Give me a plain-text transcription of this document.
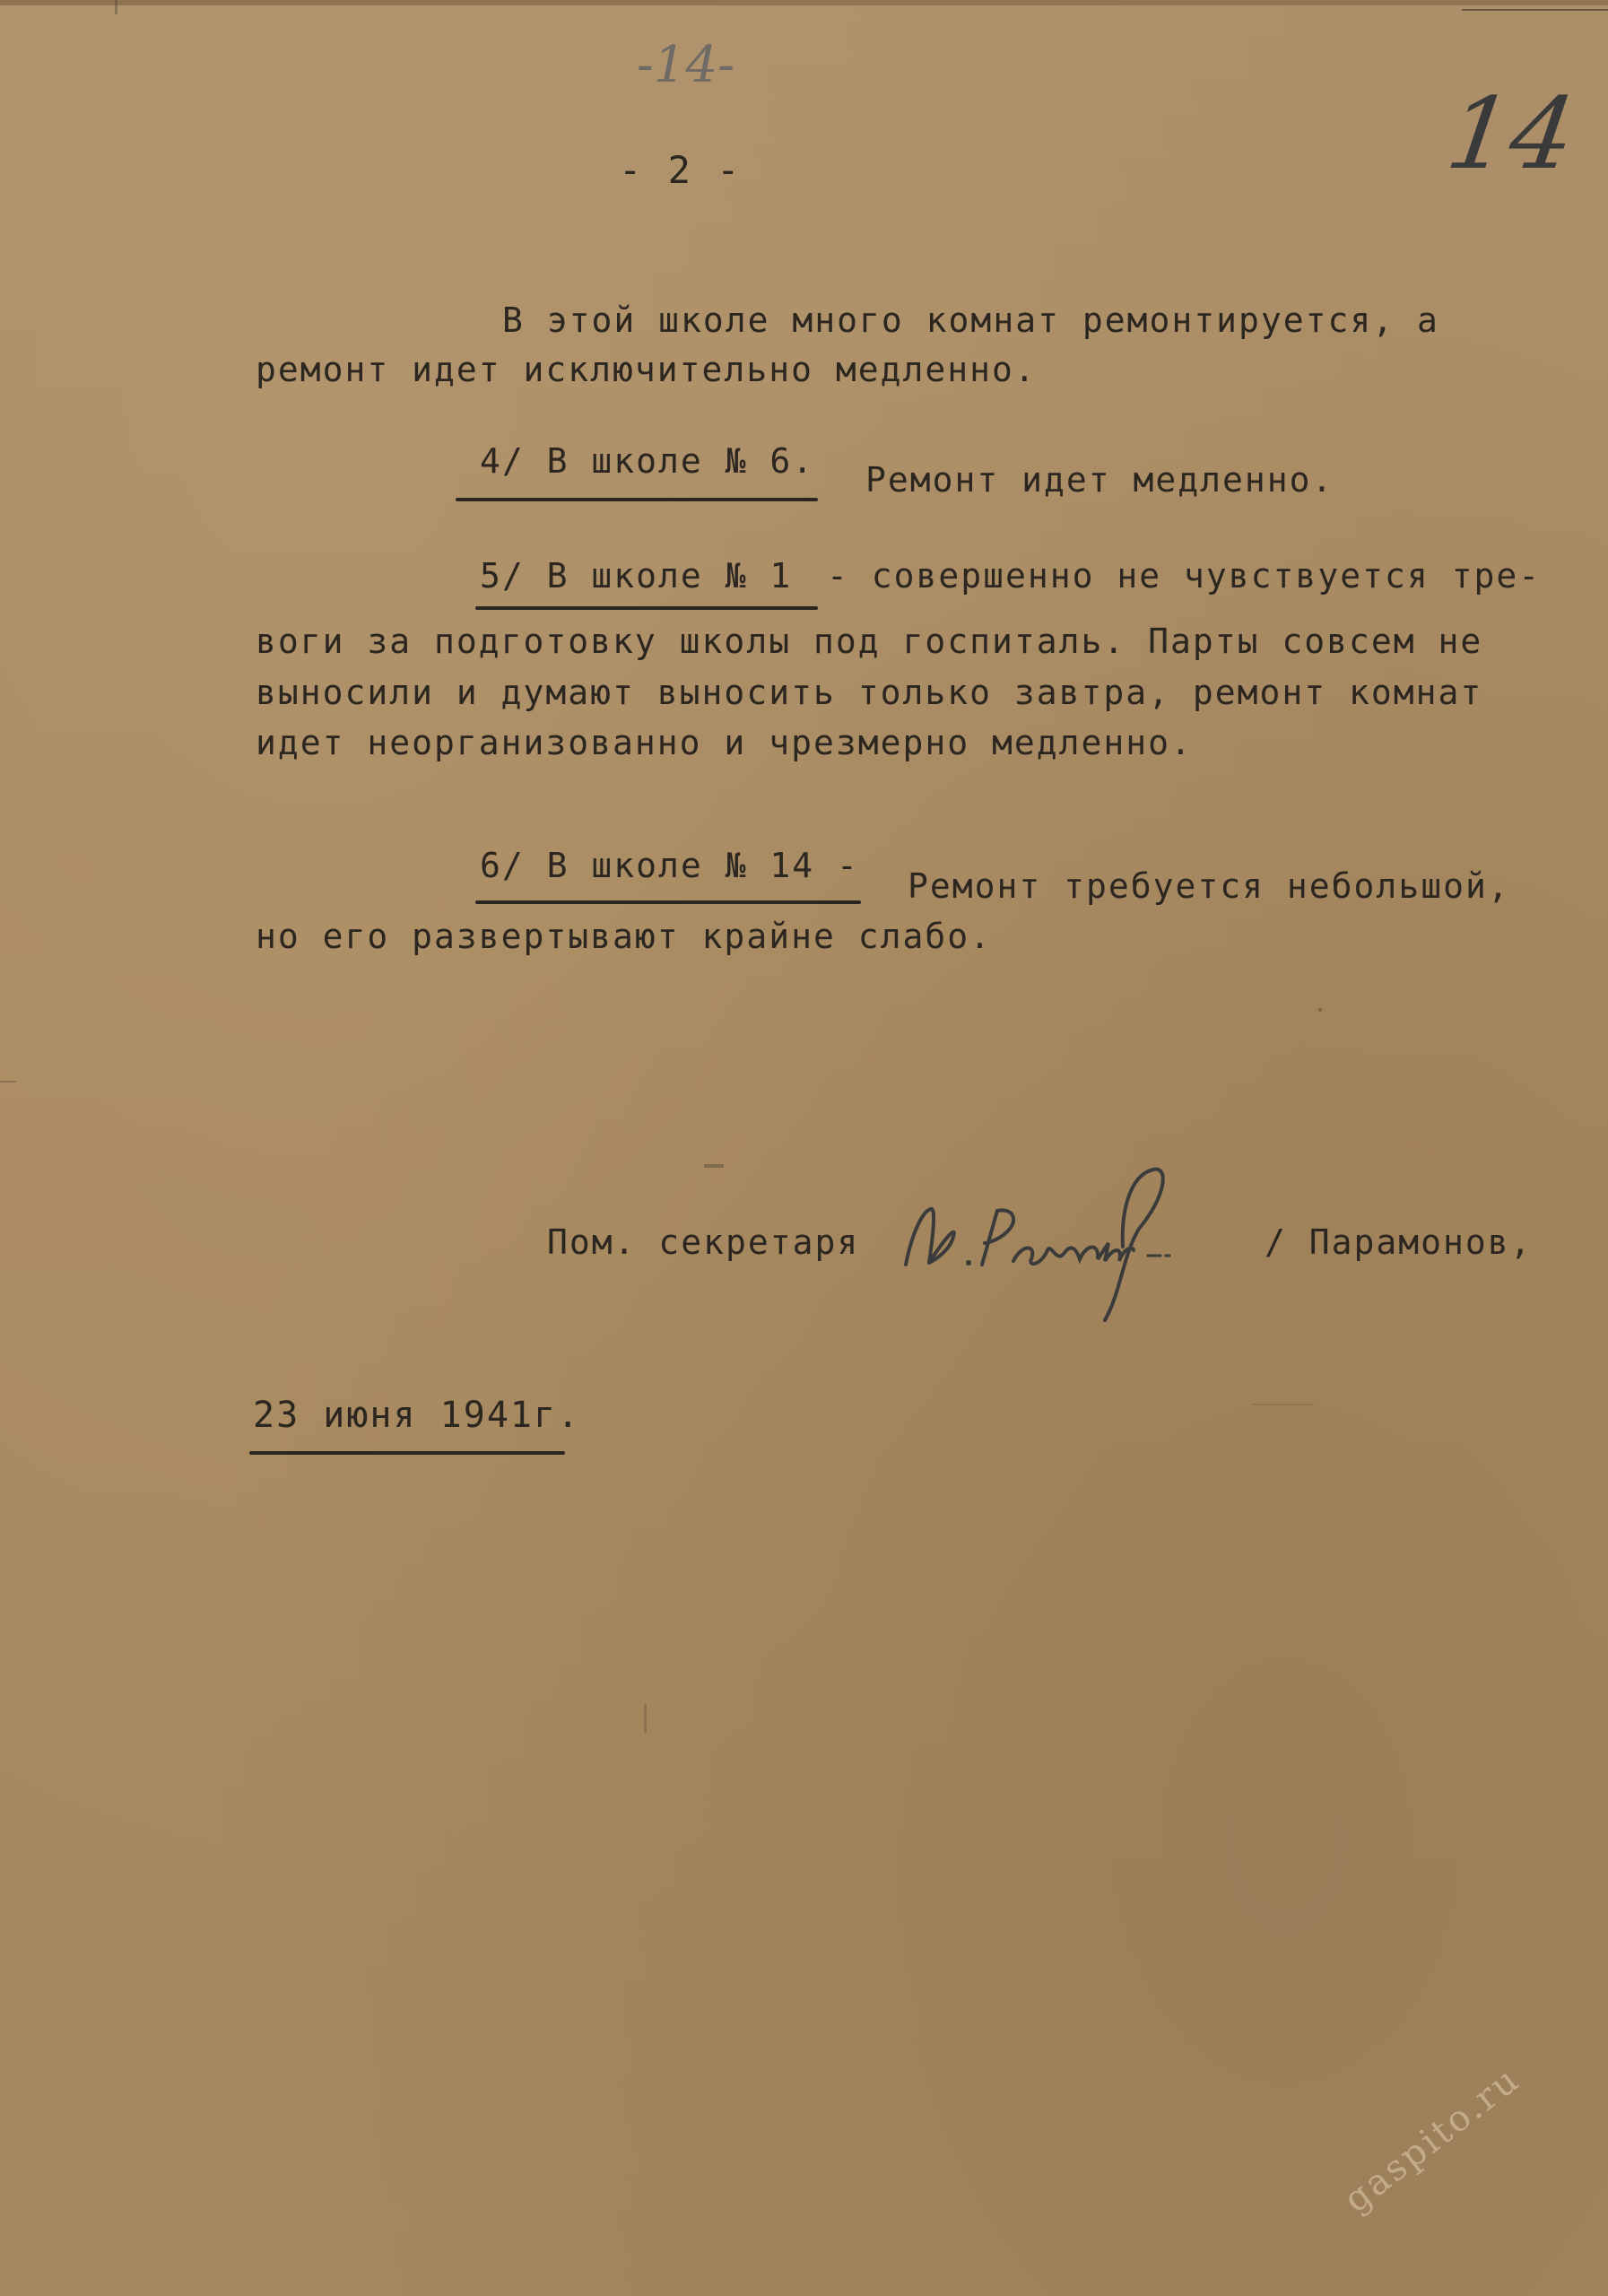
-14-
14
- 2 -
В этой школе много комнат ремонтируется, а
ремонт идет исключительно медленно.
4/ В школе № 6. Ремонт идет медленно.
5/ В школе № 1 - совершенно не чувствуется тре-
воги за подготовку школы под госпиталь. Парты совсем не
выносили и думают выносить только завтра, ремонт комнат
идет неорганизованно и чрезмерно медленно.
6/ В школе № 14 -
Ремонт требуется небольшой,
но его развертывают крайне слабо.
Пом. секретаря
В.Парамонов
/ Парамонов,
23 июня 1941г.
gaspito.ru
